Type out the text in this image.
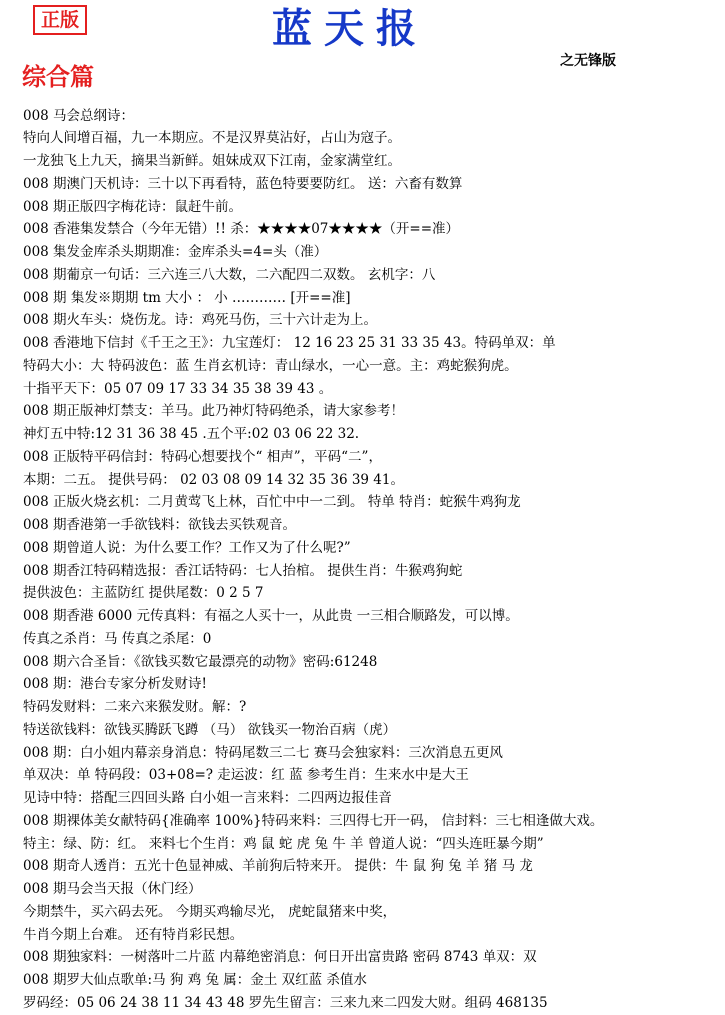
正版	蓝天报
之无锋版
综合篇
008 马会总纲诗：
特向人间增百福，九一本期应。不是汉界莫沾好，占山为寇子。
一龙独飞上九天，摘果当新鲜。姐妹成双下江南，金家满堂红。
008 期澳门天机诗：三十以下再看特，蓝色特要要防红。 送：六畜有数算
008 期正版四字梅花诗：鼠赶牛前。
008 香港集发禁合（今年无错）!! 杀：★★★★07★★★★（开==准）
008 集发金库杀头期期准：金库杀头=4=头（准）
008 期葡京一句话：三六连三八大数，二六配四二双数。 玄机字：八
008 期 集发※期期 tm 大小 ： 小 ………… [开==准]
008 期火车头：烧伤龙。诗：鸡死马伤，三十六计走为上。
008 香港地下信封《千王之王》：九宝莲灯： 12 16 23 25 31 33 35 43。特码单双：单
特码大小：大 特码波色：蓝 生肖玄机诗：青山绿水，一心一意。主：鸡蛇猴狗虎。
十指平天下：05 07 09 17 33 34 35 38 39 43 。
008 期正版神灯禁支：羊马。此乃神灯特码绝杀，请大家参考！
神灯五中特:12 31 36 38 45 .五个平:02 03 06 22 32.
008 正版特平码信封：特码心想要找个“ 相声”，平码“二”，
本期：二五。 提供号码： 02 03 08 09 14 32 35 36 39 41。
008 正版火烧玄机：二月黄莺飞上林，百忙中中一二到。 特单 特肖：蛇猴牛鸡狗龙
008 期香港第一手欲钱料：欲钱去买铁观音。
008 期曾道人说：为什么要工作？工作又为了什么呢?”
008 期香江特码精选报：香江话特码：七人抬棺。 提供生肖：牛猴鸡狗蛇
提供波色：主蓝防红 提供尾数：0 2 5 7
008 期香港 6000 元传真料：有福之人买十一，从此贵 一三相合顺路发，可以博。
传真之杀肖：马 传真之杀尾：0
008 期六合圣旨：《欲钱买数它最漂亮的动物》密码:61248
008 期：港台专家分析发财诗!
特码发财料：二来六来猴发财。解：?
特送欲钱料：欲钱买腾跃飞蹲 （马） 欲钱买一物治百病（虎）
008 期：白小姐内幕亲身消息：特码尾数三二七 赛马会独家料：三次消息五更风
单双决：单 特码段：03+08=? 走运波：红 蓝 参考生肖：生来水中是大王
见诗中特：搭配三四回头路 白小姐一言来料：二四两边报佳音
008 期裸体美女献特码{准确率 100%}特码来料：三四得七开一码， 信封料：三七相逢做大戏。
特主：绿、防：红。 来料七个生肖：鸡 鼠 蛇 虎 兔 牛 羊 曾道人说：“四头连旺暴今期”
008 期奇人透肖：五光十色显神威、羊前狗后特来开。 提供：牛 鼠 狗 兔 羊 猪 马 龙
008 期马会当天报（休门经）
今期禁牛，买六码去死。 今期买鸡输尽光， 虎蛇鼠猪来中奖，
牛肖今期上台难。 还有特肖彩民想。
008 期独家料：一树落叶二片蓝 内幕绝密消息：何日开出富贵路 密码 8743 单双：双
008 期罗大仙点歌单:马 狗 鸡 兔 属：金土 双红蓝 杀值水
罗码经：05 06 24 38 11 34 43 48 罗先生留言：三来九来二四发大财。组码 468135
